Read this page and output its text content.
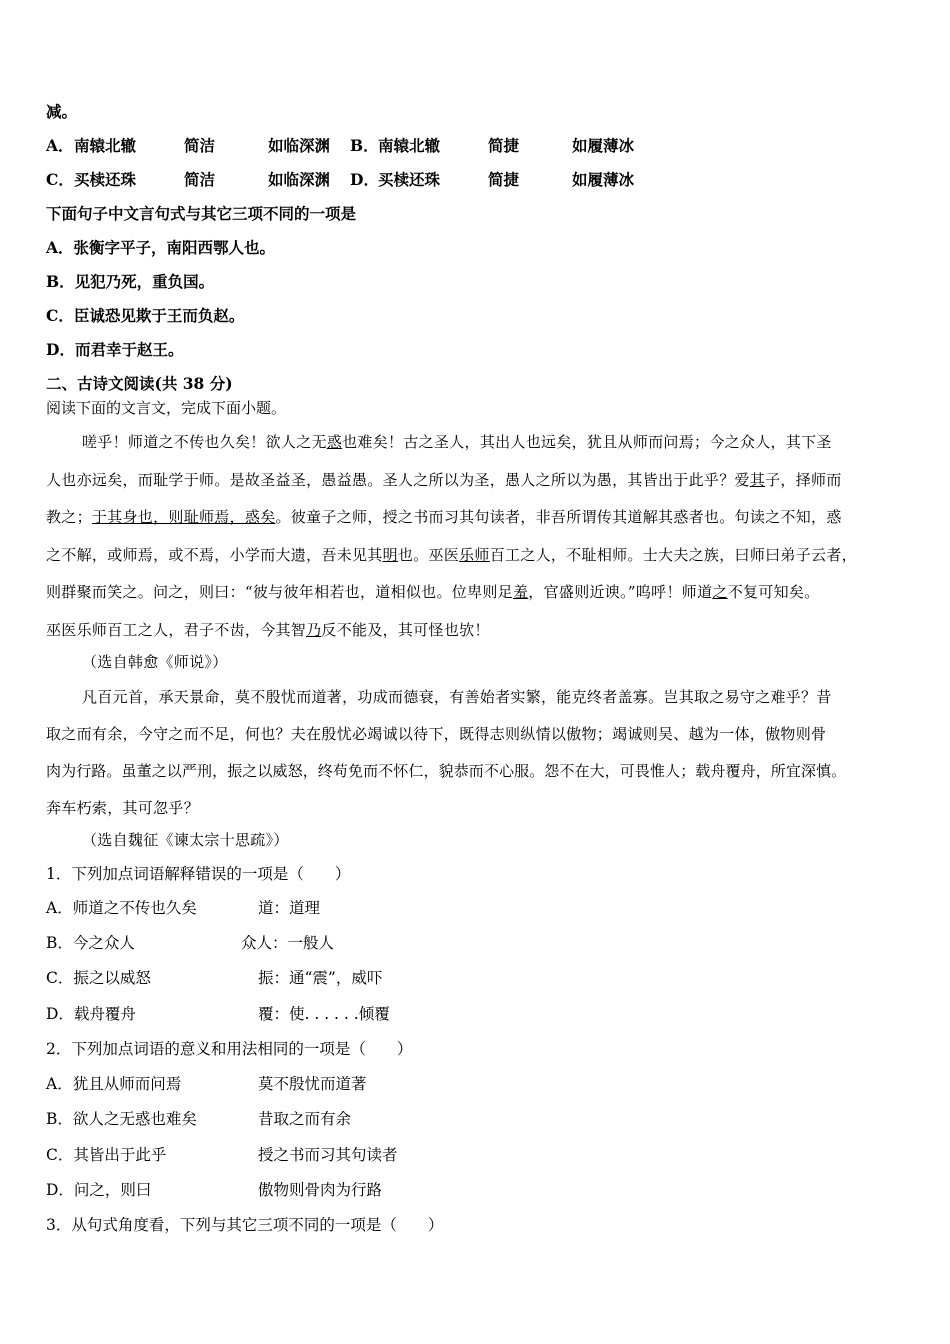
减。
A．南辕北辙	简洁	如临深渊 B．南辕北辙	简捷	如履薄冰
C．买椟还珠	简洁	如临深渊 D．买椟还珠	简捷	如履薄冰
下面句子中文言句式与其它三项不同的一项是
A．张衡字平子，南阳西鄂人也。
B．见犯乃死，重负国。
C．臣诚恐见欺于王而负赵。
D．而君幸于赵王。
二、古诗文阅读(共 38 分)
阅读下面的文言文，完成下面小题。
嗟乎！师道之不传也久矣！欲人之无惑也难矣！古之圣人，其出人也远矣，犹且从师而问焉；今之众人，其下圣
人也亦远矣，而耻学于师。是故圣益圣，愚益愚。圣人之所以为圣，愚人之所以为愚，其皆出于此乎？爱其子，择师而
教之；于其身也，则耻师焉，惑矣。彼童子之师，授之书而习其句读者，非吾所谓传其道解其惑者也。句读之不知，惑
之不解，或师焉，或不焉，小学而大遗，吾未见其明也。巫医乐师百工之人，不耻相师。士大夫之族，曰师曰弟子云者，
则群聚而笑之。问之，则曰：“彼与彼年相若也，道相似也。位卑则足羞，官盛则近谀。”呜呼！师道之不复可知矣。
巫医乐师百工之人，君子不齿，今其智乃反不能及，其可怪也欤！
（选自韩愈《师说》）
凡百元首，承天景命，莫不殷忧而道著，功成而德衰，有善始者实繁，能克终者盖寡。岂其取之易守之难乎？昔
取之而有余，今守之而不足，何也？夫在殷忧必竭诚以待下，既得志则纵情以傲物；竭诚则吴、越为一体，傲物则骨
肉为行路。虽董之以严刑，振之以威怒，终苟免而不怀仁，貌恭而不心服。怨不在大，可畏惟人；载舟覆舟，所宜深慎。
奔车朽索，其可忽乎？
（选自魏征《谏太宗十思疏》）
1．下列加点词语解释错误的一项是（　　）
A．师道之不传也久矣	道：道理
B．今之众人	众人：一般人
C．振之以威怒	振：通“震”，威吓
D．载舟覆舟	覆：使. . . . . .倾覆
2．下列加点词语的意义和用法相同的一项是（　　）
A．犹且从师而问焉	莫不殷忧而道著
B．欲人之无惑也难矣	昔取之而有余
C．其皆出于此乎	授之书而习其句读者
D．问之，则曰	傲物则骨肉为行路
3．从句式角度看，下列与其它三项不同的一项是（　　）
